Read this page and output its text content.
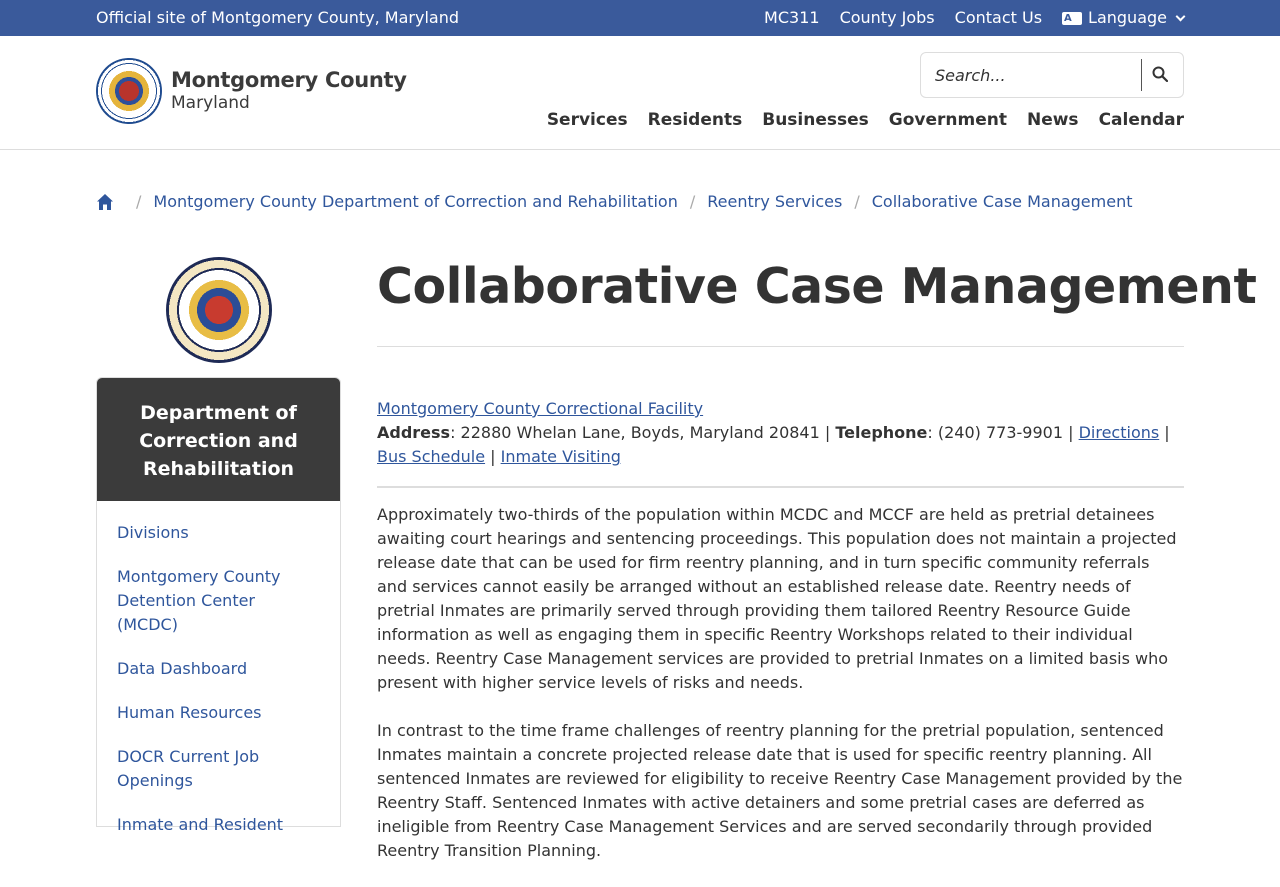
Official site of Montgomery County, Maryland	MC311 County Jobs Contact Us
A	Language
Montgomery County
Maryland
Search...
Services Residents Businesses Government News Calendar
/ Montgomery County Department of Correction and Rehabilitation / Reentry Services / Collaborative Case Management
Department of Correction and Rehabilitation
Divisions
Montgomery County Detention Center (MCDC)
Data Dashboard
Human Resources
DOCR Current Job Openings
Inmate and Resident
Collaborative Case Management
Montgomery County Correctional Facility
Address: 22880 Whelan Lane, Boyds, Maryland 20841 | Telephone: (240) 773-9901 | Directions | Bus Schedule | Inmate Visiting

Approximately two-thirds of the population within MCDC and MCCF are held as pretrial detainees awaiting court hearings and sentencing proceedings. This population does not maintain a projected release date that can be used for firm reentry planning, and in turn specific community referrals and services cannot easily be arranged without an established release date. Reentry needs of pretrial Inmates are primarily served through providing them tailored Reentry Resource Guide information as well as engaging them in specific Reentry Workshops related to their individual needs. Reentry Case Management services are provided to pretrial Inmates on a limited basis who present with higher service levels of risks and needs.

In contrast to the time frame challenges of reentry planning for the pretrial population, sentenced Inmates maintain a concrete projected release date that is used for specific reentry planning. All sentenced Inmates are reviewed for eligibility to receive Reentry Case Management provided by the Reentry Staff. Sentenced Inmates with active detainers and some pretrial cases are deferred as ineligible from Reentry Case Management Services and are served secondarily through provided Reentry Transition Planning.
